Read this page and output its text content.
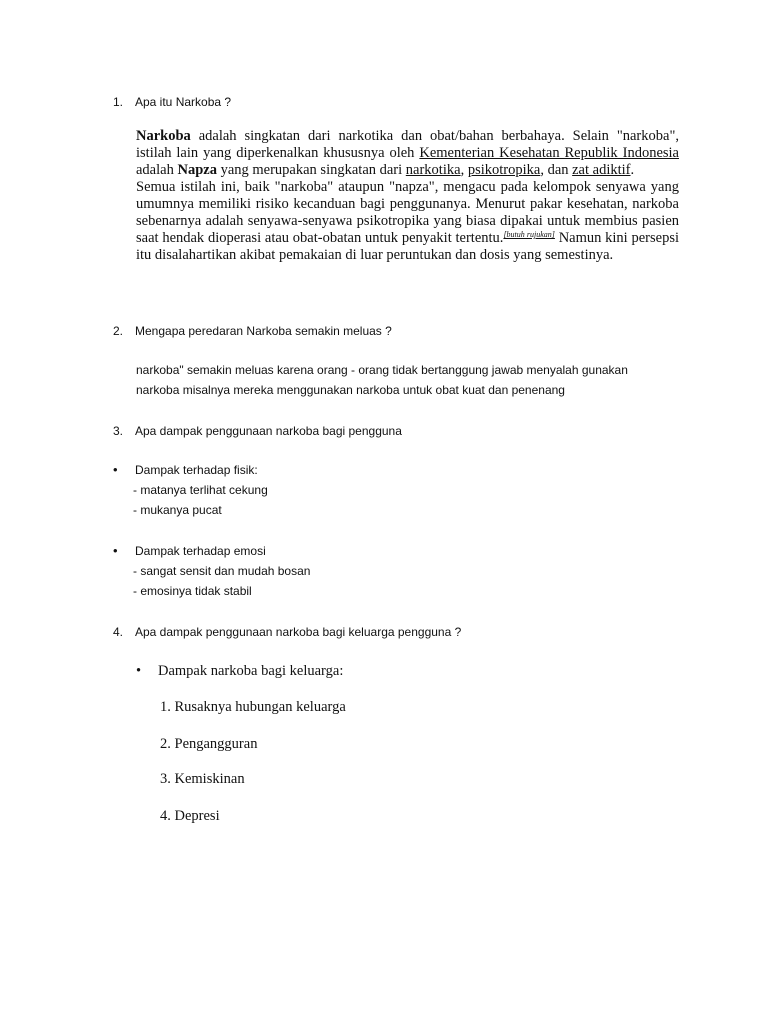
1. Apa itu Narkoba ?

Narkoba adalah singkatan dari narkotika dan obat/bahan berbahaya. Selain "narkoba", istilah lain yang diperkenalkan khususnya oleh Kementerian Kesehatan Republik Indonesia adalah Napza yang merupakan singkatan dari narkotika, psikotropika, dan zat adiktif.

Semua istilah ini, baik "narkoba" ataupun "napza", mengacu pada kelompok senyawa yang umumnya memiliki risiko kecanduan bagi penggunanya. Menurut pakar kesehatan, narkoba sebenarnya adalah senyawa-senyawa psikotropika yang biasa dipakai untuk membius pasien saat hendak dioperasi atau obat-obatan untuk penyakit tertentu.[butuh rujukan] Namun kini persepsi itu disalahartikan akibat pemakaian di luar peruntukan dan dosis yang semestinya.

2. Mengapa peredaran Narkoba semakin meluas ?
narkoba" semakin meluas karena orang - orang tidak bertanggung jawab menyalah gunakan
narkoba misalnya mereka menggunakan narkoba untuk obat kuat dan penenang
3. Apa dampak penggunaan narkoba bagi pengguna
• Dampak terhadap fisik:
- matanya terlihat cekung
- mukanya pucat
• Dampak terhadap emosi
- sangat sensit dan mudah bosan
- emosinya tidak stabil
4. Apa dampak penggunaan narkoba bagi keluarga pengguna ?
• Dampak narkoba bagi keluarga:
1. Rusaknya hubungan keluarga
2. Pengangguran
3. Kemiskinan
4. Depresi
